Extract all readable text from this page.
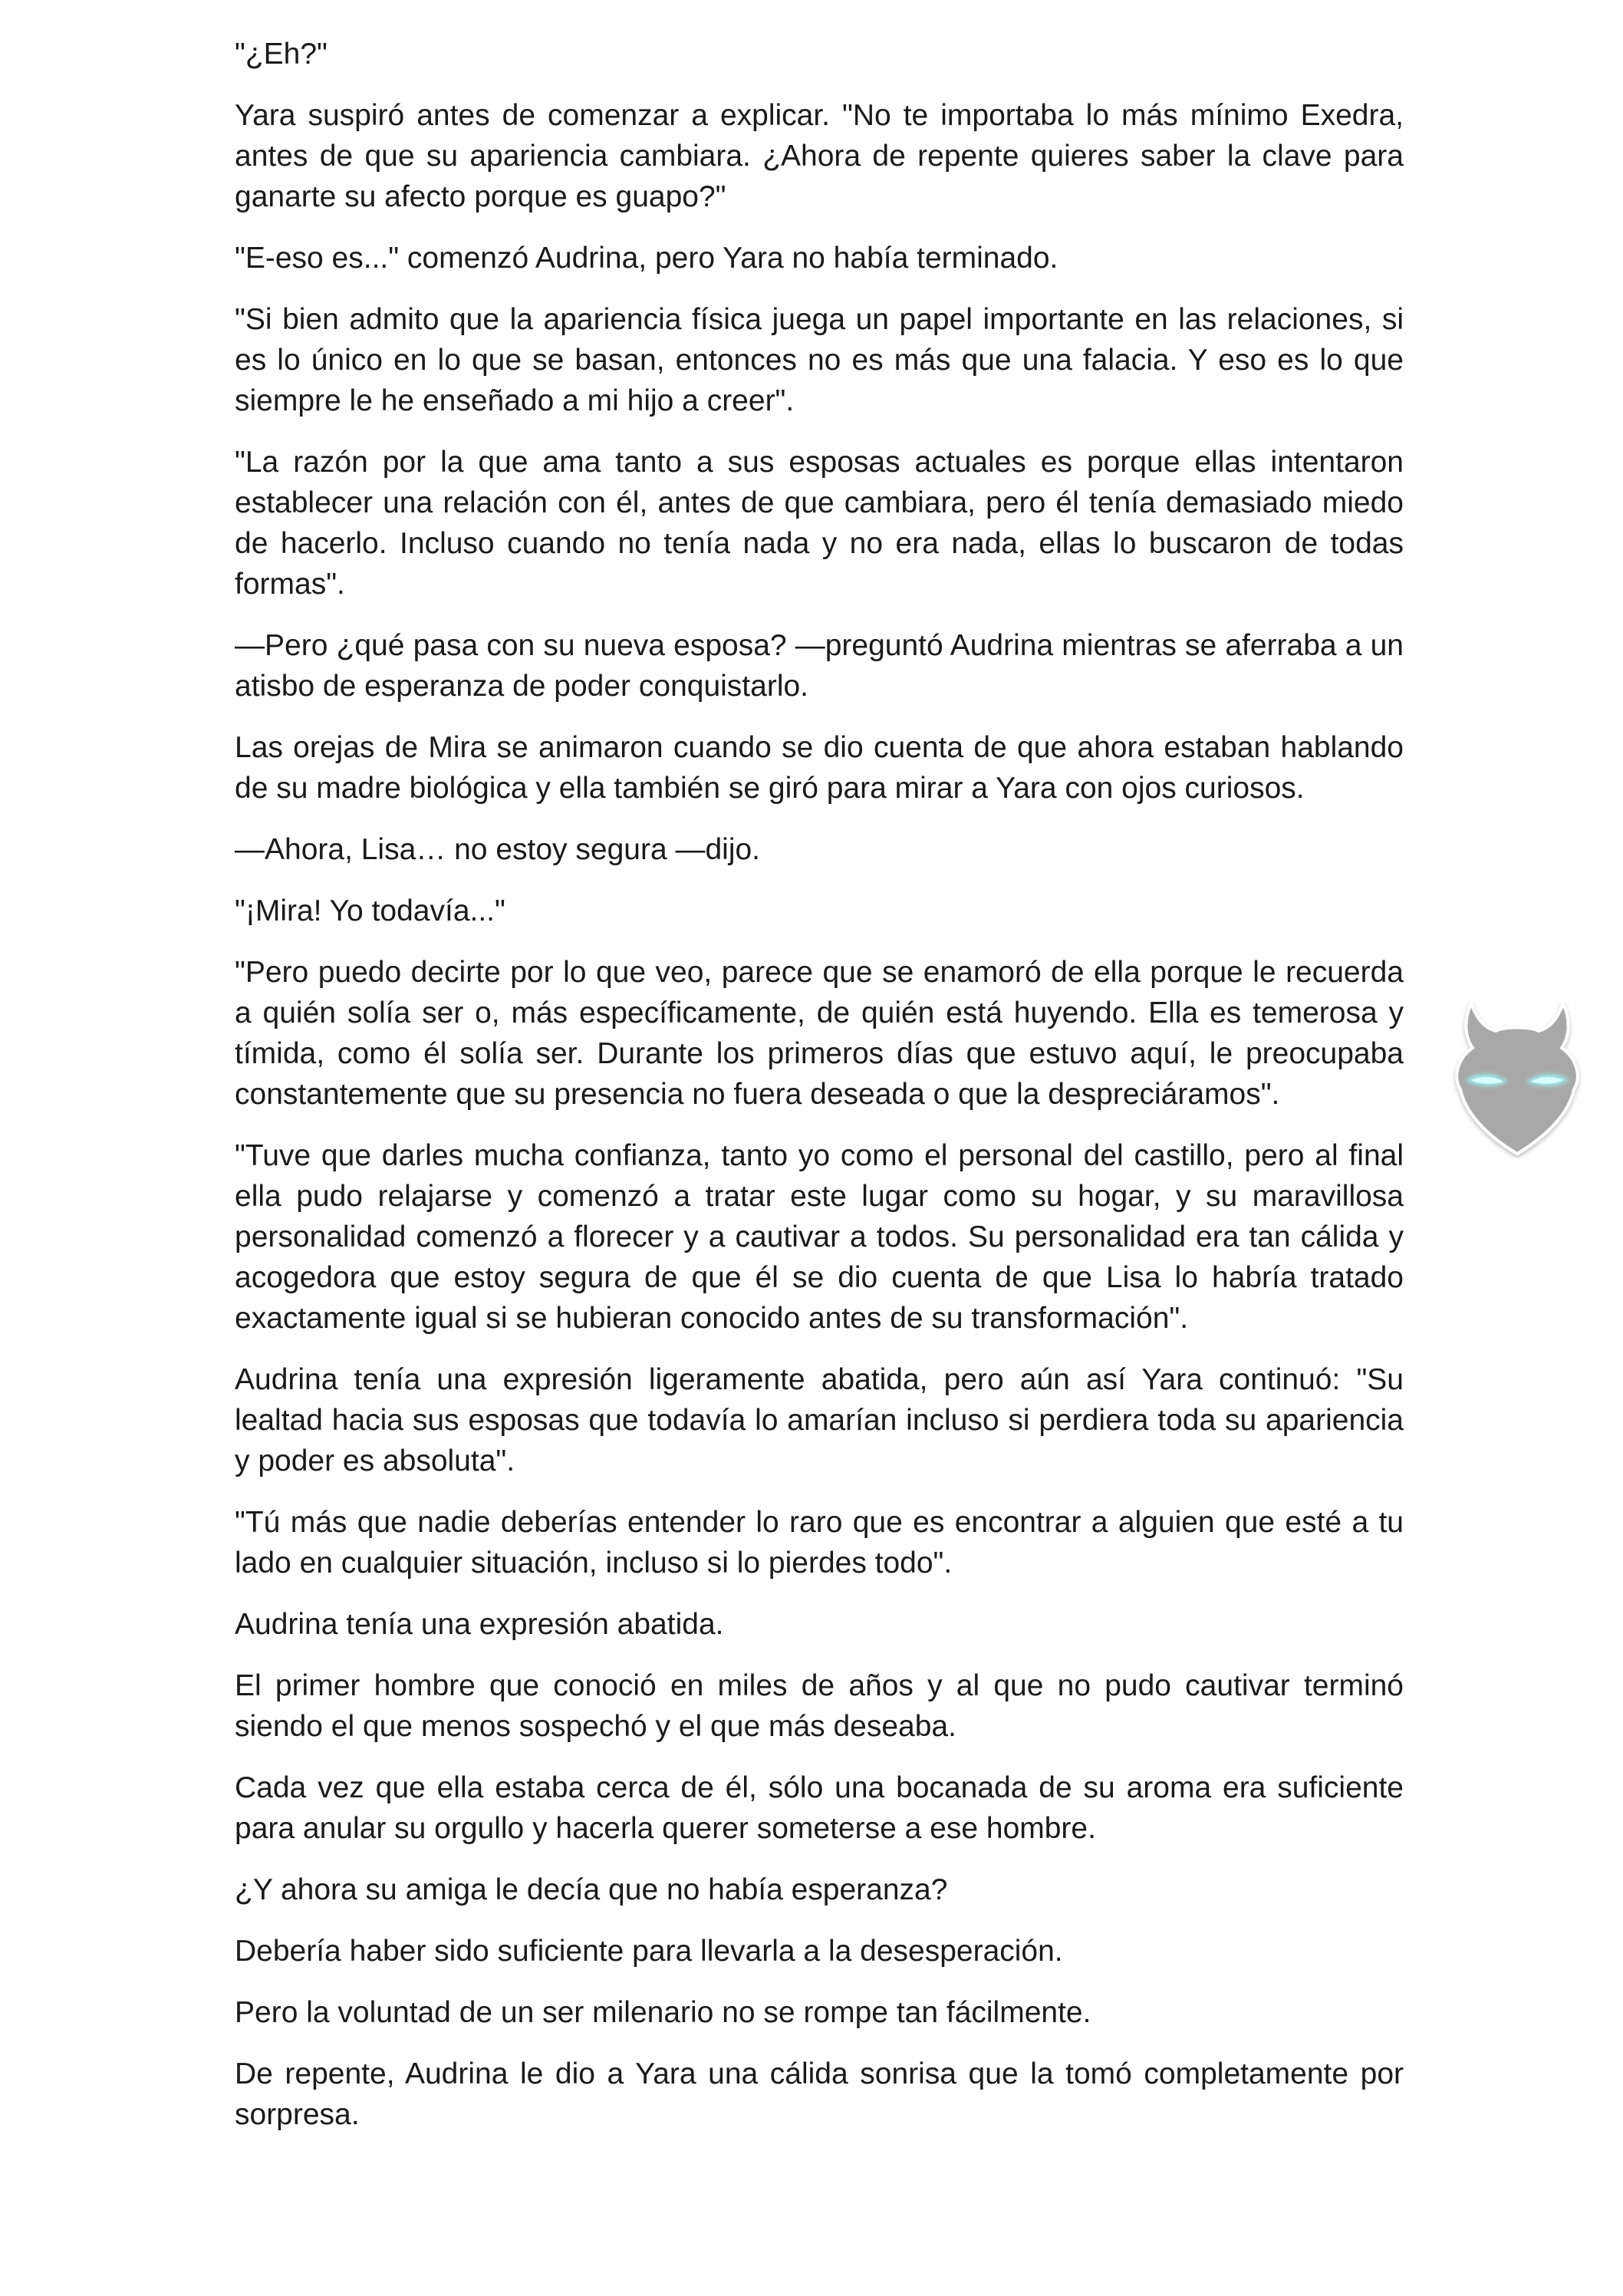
"¿Eh?"

Yara suspiró antes de comenzar a explicar. "No te importaba lo más mínimo Exedra, antes de que su apariencia cambiara. ¿Ahora de repente quieres saber la clave para ganarte su afecto porque es guapo?"

"E-eso es..." comenzó Audrina, pero Yara no había terminado.

"Si bien admito que la apariencia física juega un papel importante en las relaciones, si es lo único en lo que se basan, entonces no es más que una falacia. Y eso es lo que siempre le he enseñado a mi hijo a creer".

"La razón por la que ama tanto a sus esposas actuales es porque ellas intentaron establecer una relación con él, antes de que cambiara, pero él tenía demasiado miedo de hacerlo. Incluso cuando no tenía nada y no era nada, ellas lo buscaron de todas formas".

—Pero ¿qué pasa con su nueva esposa? —preguntó Audrina mientras se aferraba a un atisbo de esperanza de poder conquistarlo.

Las orejas de Mira se animaron cuando se dio cuenta de que ahora estaban hablando de su madre biológica y ella también se giró para mirar a Yara con ojos curiosos.

—Ahora, Lisa… no estoy segura —dijo.

"¡Mira! Yo todavía..."

"Pero puedo decirte por lo que veo, parece que se enamoró de ella porque le recuerda a quién solía ser o, más específicamente, de quién está huyendo. Ella es temerosa y tímida, como él solía ser. Durante los primeros días que estuvo aquí, le preocupaba constantemente que su presencia no fuera deseada o que la despreciáramos".

"Tuve que darles mucha confianza, tanto yo como el personal del castillo, pero al final ella pudo relajarse y comenzó a tratar este lugar como su hogar, y su maravillosa personalidad comenzó a florecer y a cautivar a todos. Su personalidad era tan cálida y acogedora que estoy segura de que él se dio cuenta de que Lisa lo habría tratado exactamente igual si se hubieran conocido antes de su transformación".

Audrina tenía una expresión ligeramente abatida, pero aún así Yara continuó: "Su lealtad hacia sus esposas que todavía lo amarían incluso si perdiera toda su apariencia y poder es absoluta".

"Tú más que nadie deberías entender lo raro que es encontrar a alguien que esté a tu lado en cualquier situación, incluso si lo pierdes todo".

Audrina tenía una expresión abatida.

El primer hombre que conoció en miles de años y al que no pudo cautivar terminó siendo el que menos sospechó y el que más deseaba.

Cada vez que ella estaba cerca de él, sólo una bocanada de su aroma era suficiente para anular su orgullo y hacerla querer someterse a ese hombre.

¿Y ahora su amiga le decía que no había esperanza?

Debería haber sido suficiente para llevarla a la desesperación.

Pero la voluntad de un ser milenario no se rompe tan fácilmente.

De repente, Audrina le dio a Yara una cálida sonrisa que la tomó completamente por sorpresa.
